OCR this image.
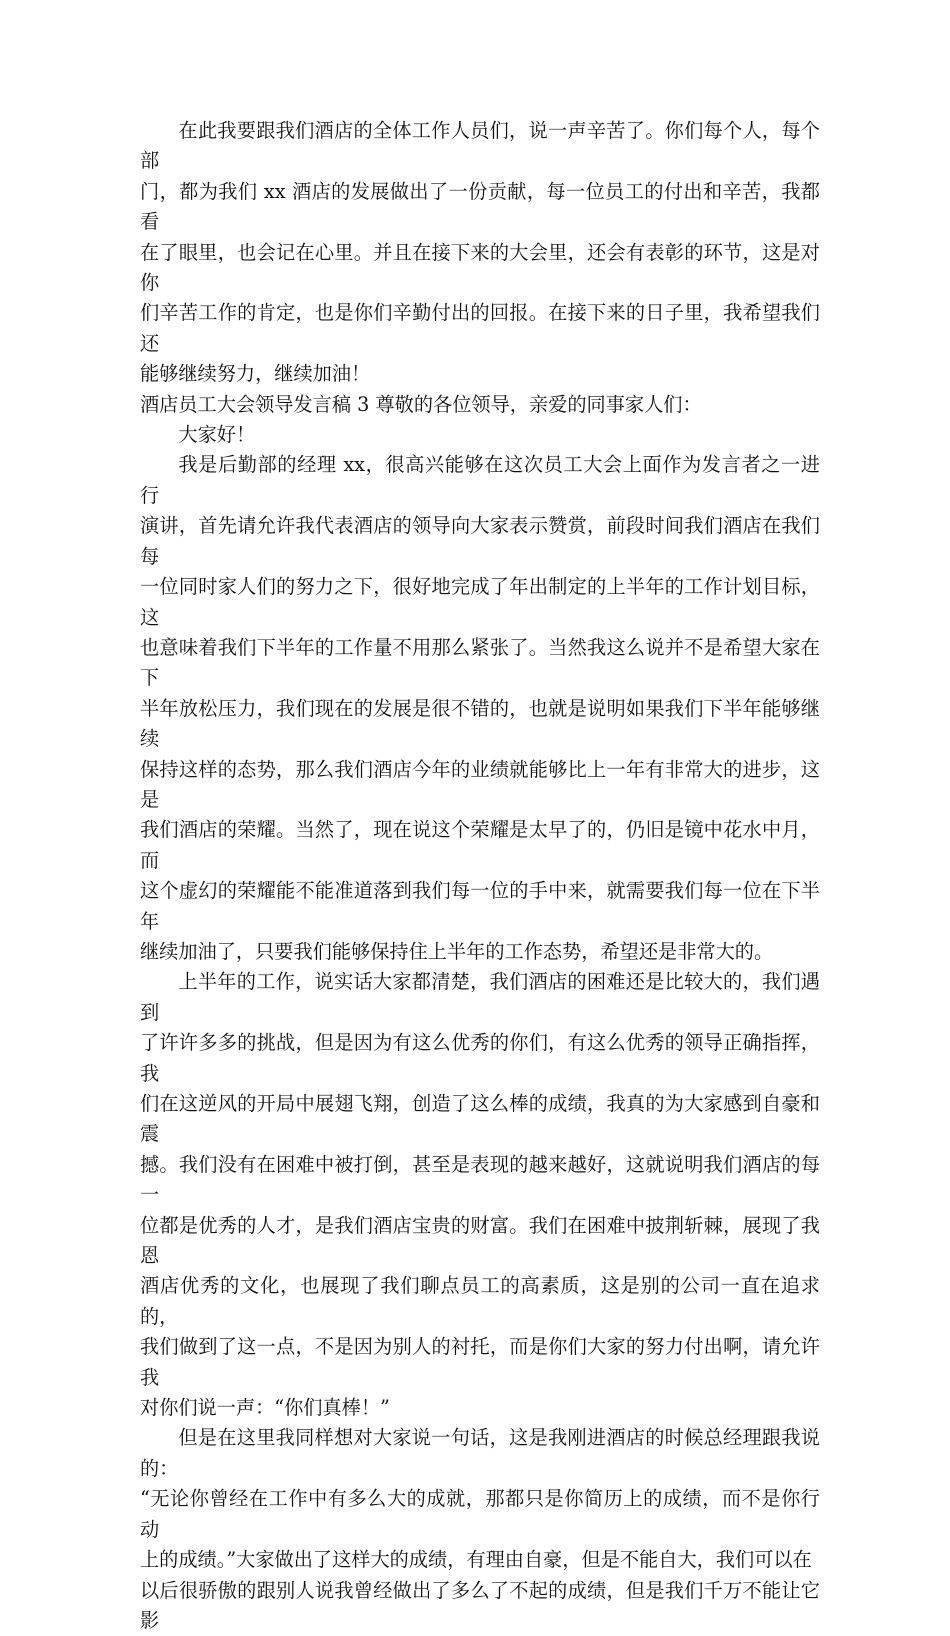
在此我要跟我们酒店的全体工作人员们，说一声辛苦了。你们每个人，每个部
门，都为我们 xx 酒店的发展做出了一份贡献，每一位员工的付出和辛苦，我都看
在了眼里，也会记在心里。并且在接下来的大会里，还会有表彰的环节，这是对你
们辛苦工作的肯定，也是你们辛勤付出的回报。在接下来的日子里，我希望我们还
能够继续努力，继续加油！

酒店员工大会领导发言稿 3 尊敬的各位领导，亲爱的同事家人们：

大家好！

我是后勤部的经理 xx，很高兴能够在这次员工大会上面作为发言者之一进行
演讲，首先请允许我代表酒店的领导向大家表示赞赏，前段时间我们酒店在我们每
一位同时家人们的努力之下，很好地完成了年出制定的上半年的工作计划目标，这
也意味着我们下半年的工作量不用那么紧张了。当然我这么说并不是希望大家在下
半年放松压力，我们现在的发展是很不错的，也就是说明如果我们下半年能够继续
保持这样的态势，那么我们酒店今年的业绩就能够比上一年有非常大的进步，这是
我们酒店的荣耀。当然了，现在说这个荣耀是太早了的，仍旧是镜中花水中月，而
这个虚幻的荣耀能不能准道落到我们每一位的手中来，就需要我们每一位在下半年
继续加油了，只要我们能够保持住上半年的工作态势，希望还是非常大的。

上半年的工作，说实话大家都清楚，我们酒店的困难还是比较大的，我们遇到
了许许多多的挑战，但是因为有这么优秀的你们，有这么优秀的领导正确指挥，我
们在这逆风的开局中展翅飞翔，创造了这么棒的成绩，我真的为大家感到自豪和震
撼。我们没有在困难中被打倒，甚至是表现的越来越好，这就说明我们酒店的每一
位都是优秀的人才，是我们酒店宝贵的财富。我们在困难中披荆斩棘，展现了我恩
酒店优秀的文化，也展现了我们聊点员工的高素质，这是别的公司一直在追求的，
我们做到了这一点，不是因为别人的衬托，而是你们大家的努力付出啊，请允许我
对你们说一声：“你们真棒！”

但是在这里我同样想对大家说一句话，这是我刚进酒店的时候总经理跟我说的：
“无论你曾经在工作中有多么大的成就，那都只是你简历上的成绩，而不是你行动
上的成绩。”大家做出了这样大的成绩，有理由自豪，但是不能自大，我们可以在
以后很骄傲的跟别人说我曾经做出了多么了不起的成绩，但是我们千万不能让它影
